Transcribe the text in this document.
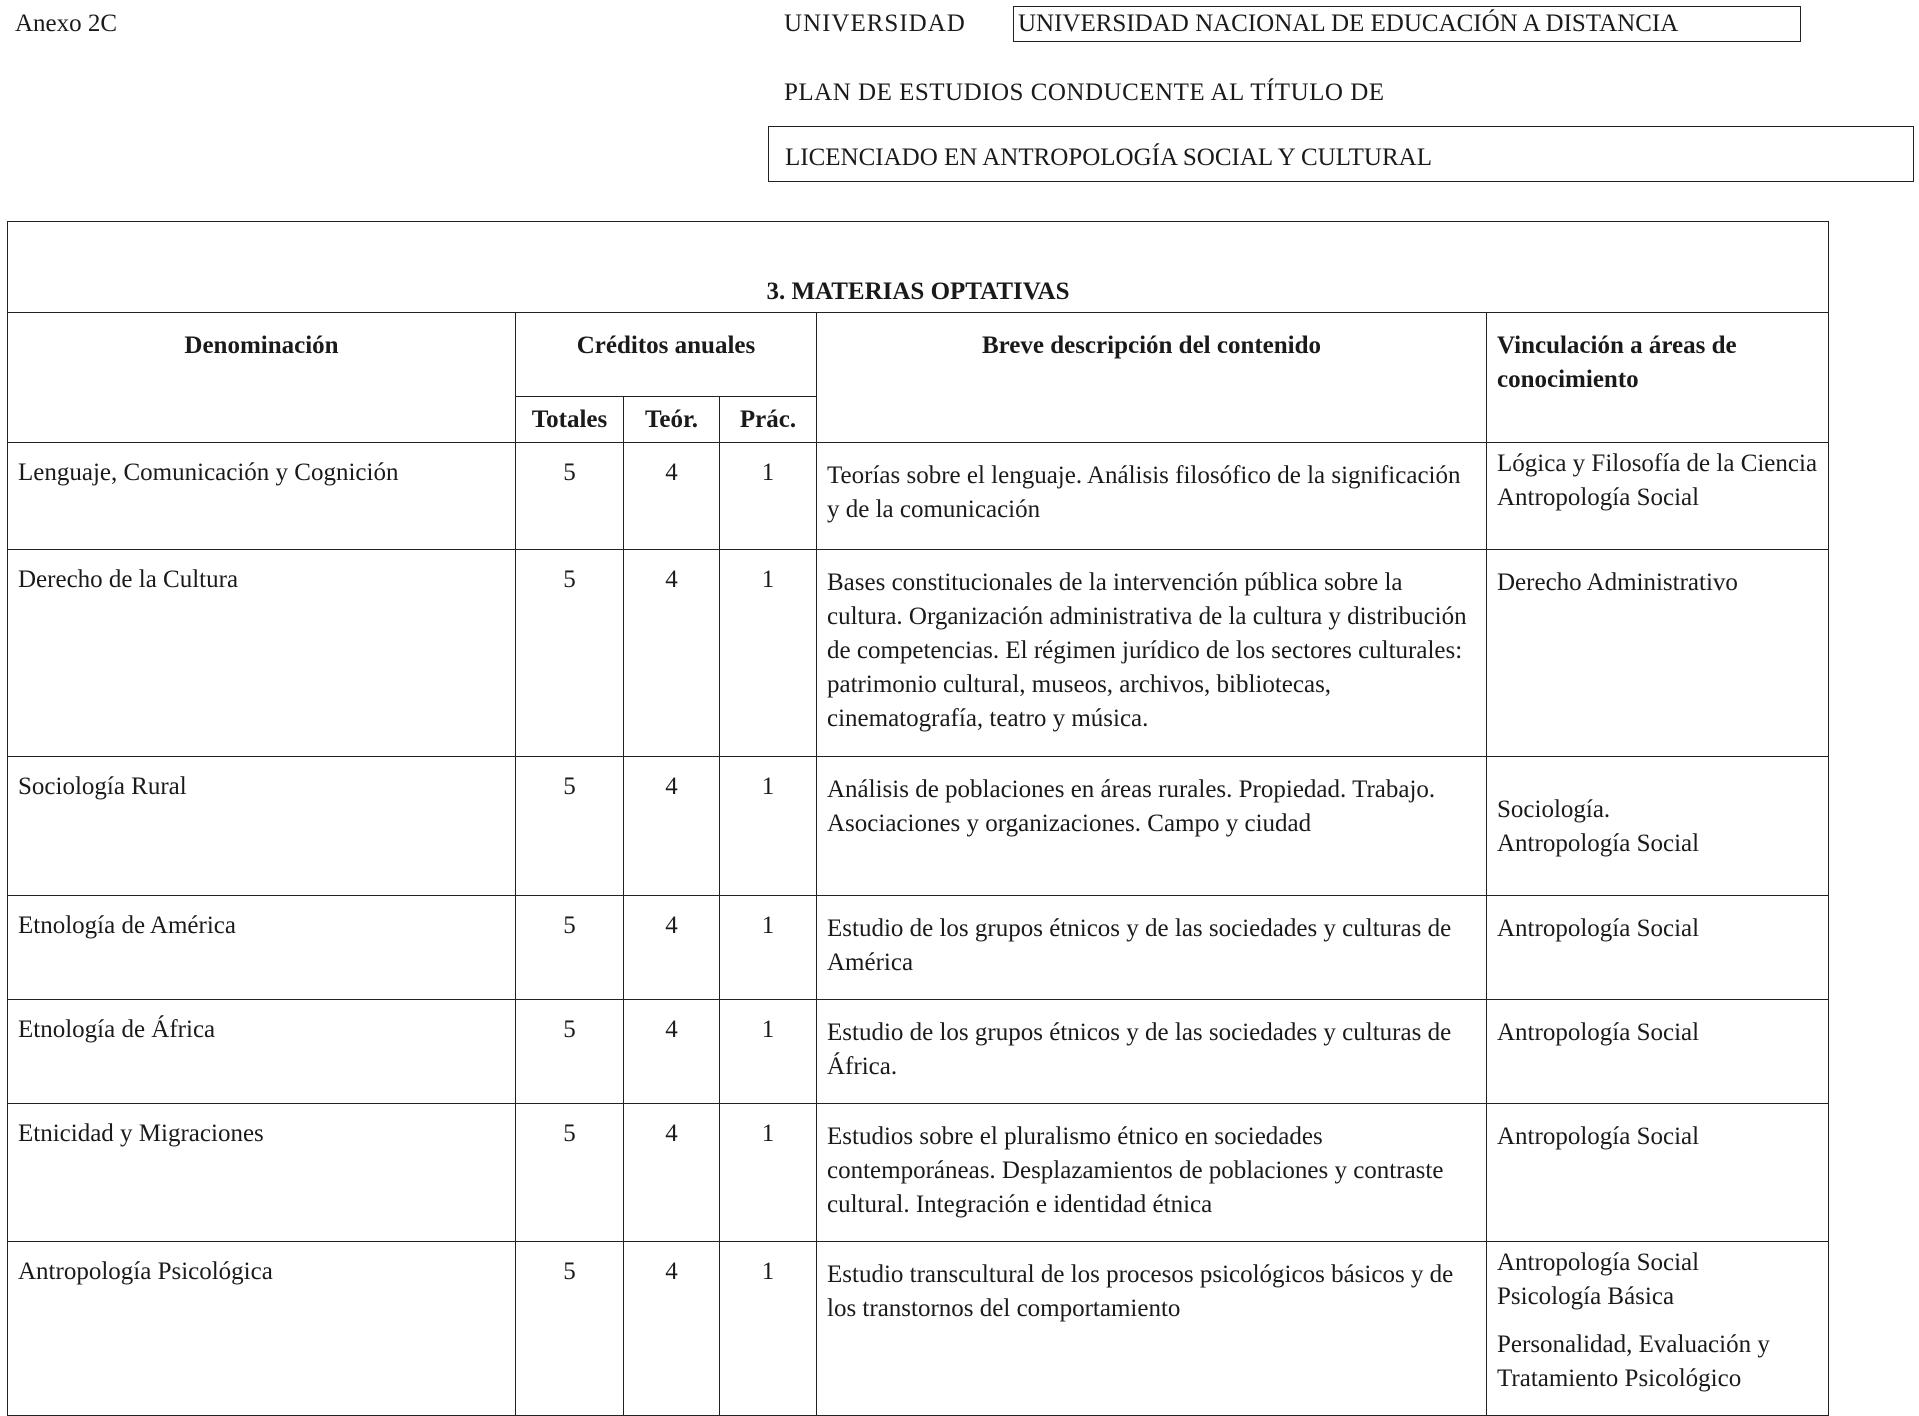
Anexo 2C	UNIVERSIDAD UNIVERSIDAD NACIONAL DE EDUCACIÓN A DISTANCIA
PLAN DE ESTUDIOS CONDUCENTE AL TÍTULO DE
LICENCIADO EN ANTROPOLOGÍA SOCIAL Y CULTURAL
3. MATERIAS OPTATIVAS					
Denominación	Créditos anuales			Breve descripción del contenido	Vinculación a áreas de conocimiento
	Totales	Teór.	Prác.		
Lenguaje, Comunicación y Cognición	5	4	1	Teorías sobre el lenguaje. Análisis filosófico de la significación y de la comunicación	Lógica y Filosofía de la Ciencia
Antropología Social

Derecho de la Cultura	5	4	1	Bases constitucionales de la intervención pública sobre la cultura. Organización administrativa de la cultura y distribución de competencias. El régimen jurídico de los sectores culturales: patrimonio cultural, museos, archivos, bibliotecas, cinematografía, teatro y música.	Derecho Administrativo

Sociología Rural	5	4	1	Análisis de poblaciones en áreas rurales. Propiedad. Trabajo. Asociaciones y organizaciones. Campo y ciudad	Sociología.
Antropología Social

Etnología de América	5	4	1	Estudio de los grupos étnicos y de las sociedades y culturas de América	Antropología Social

Etnología de África	5	4	1	Estudio de los grupos étnicos y de las sociedades y culturas de África.	Antropología Social

Etnicidad y Migraciones	5	4	1	Estudios sobre el pluralismo étnico en sociedades contemporáneas. Desplazamientos de poblaciones y contraste cultural. Integración e identidad étnica	Antropología Social

Antropología Psicológica	5	4	1	Estudio transcultural de los procesos psicológicos básicos y de los transtornos del comportamiento	Antropología Social
Psicología Básica
Personalidad, Evaluación y Tratamiento Psicológico
